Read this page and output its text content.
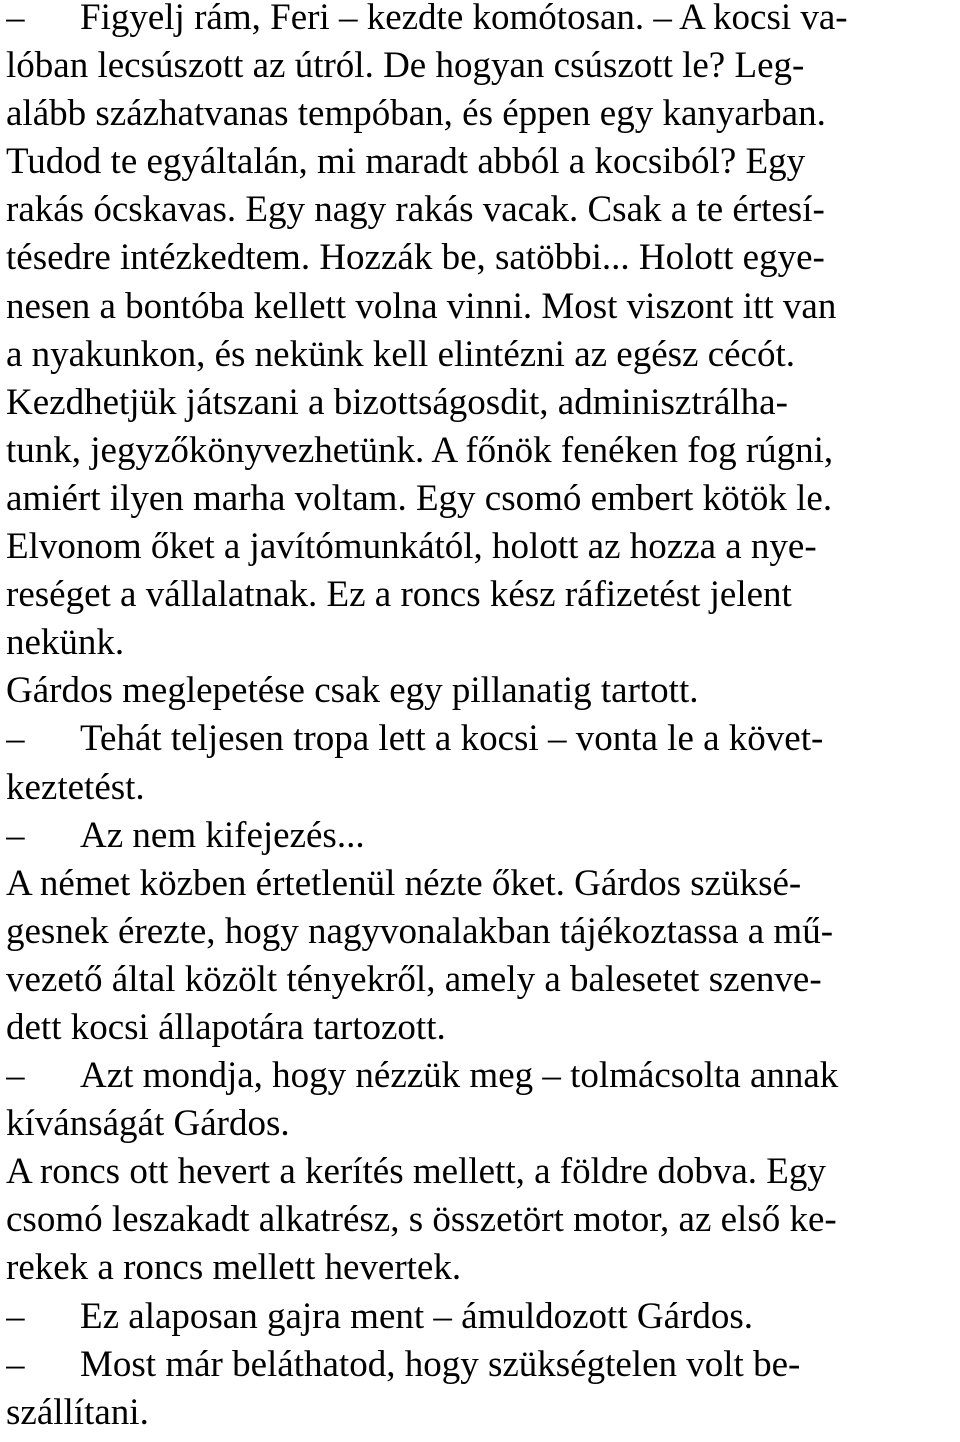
– Figyelj rám, Feri – kezdte komótosan. – A kocsi va-
lóban lecsúszott az útról. De hogyan csúszott le? Leg-
alább százhatvanas tempóban, és éppen egy kanyarban.
Tudod te egyáltalán, mi maradt abból a kocsiból? Egy
rakás ócskavas. Egy nagy rakás vacak. Csak a te értesí-
tésedre intézkedtem. Hozzák be, satöbbi... Holott egye-
nesen a bontóba kellett volna vinni. Most viszont itt van
a nyakunkon, és nekünk kell elintézni az egész cécót.
Kezdhetjük játszani a bizottságosdit, adminisztrálha-
tunk, jegyzőkönyvezhetünk. A főnök fenéken fog rúgni,
amiért ilyen marha voltam. Egy csomó embert kötök le.
Elvonom őket a javítómunkától, holott az hozza a nye-
reséget a vállalatnak. Ez a roncs kész ráfizetést jelent
nekünk.
Gárdos meglepetése csak egy pillanatig tartott.
– Tehát teljesen tropa lett a kocsi – vonta le a követ-
keztetést.
– Az nem kifejezés...
A német közben értetlenül nézte őket. Gárdos szüksé-
gesnek érezte, hogy nagyvonalakban tájékoztassa a mű-
vezető által közölt tényekről, amely a balesetet szenve-
dett kocsi állapotára tartozott.
– Azt mondja, hogy nézzük meg – tolmácsolta annak
kívánságát Gárdos.
A roncs ott hevert a kerítés mellett, a földre dobva. Egy
csomó leszakadt alkatrész, s összetört motor, az első ke-
rekek a roncs mellett hevertek.
– Ez alaposan gajra ment – ámuldozott Gárdos.
– Most már beláthatod, hogy szükségtelen volt be-
szállítani.
